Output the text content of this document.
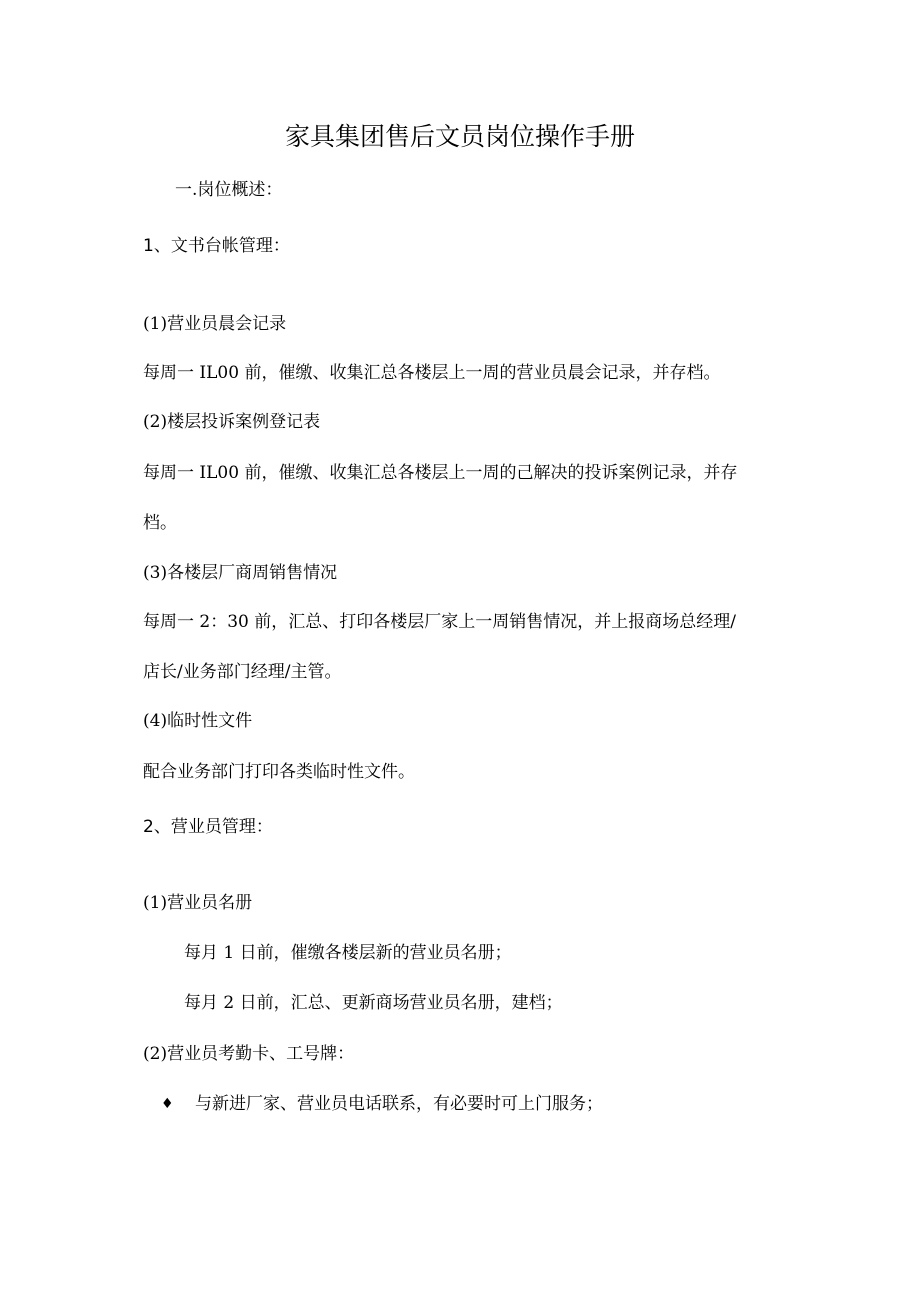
家具集团售后文员岗位操作手册
一.岗位概述：
1、文书台帐管理：
(1)营业员晨会记录
每周一 IL00 前，催缴、收集汇总各楼层上一周的营业员晨会记录，并存档。
(2)楼层投诉案例登记表
每周一 IL00 前，催缴、收集汇总各楼层上一周的己解决的投诉案例记录，并存
档。
(3)各楼层厂商周销售情况
每周一 2：30 前，汇总、打印各楼层厂家上一周销售情况，并上报商场总经理/
店长/业务部门经理/主管。
(4)临时性文件
配合业务部门打印各类临时性文件。
2、营业员管理：
(1)营业员名册
每月 1 日前，催缴各楼层新的营业员名册；
每月 2 日前，汇总、更新商场营业员名册，建档；
(2)营业员考勤卡、工号牌：
♦ 与新进厂家、营业员电话联系，有必要时可上门服务；
